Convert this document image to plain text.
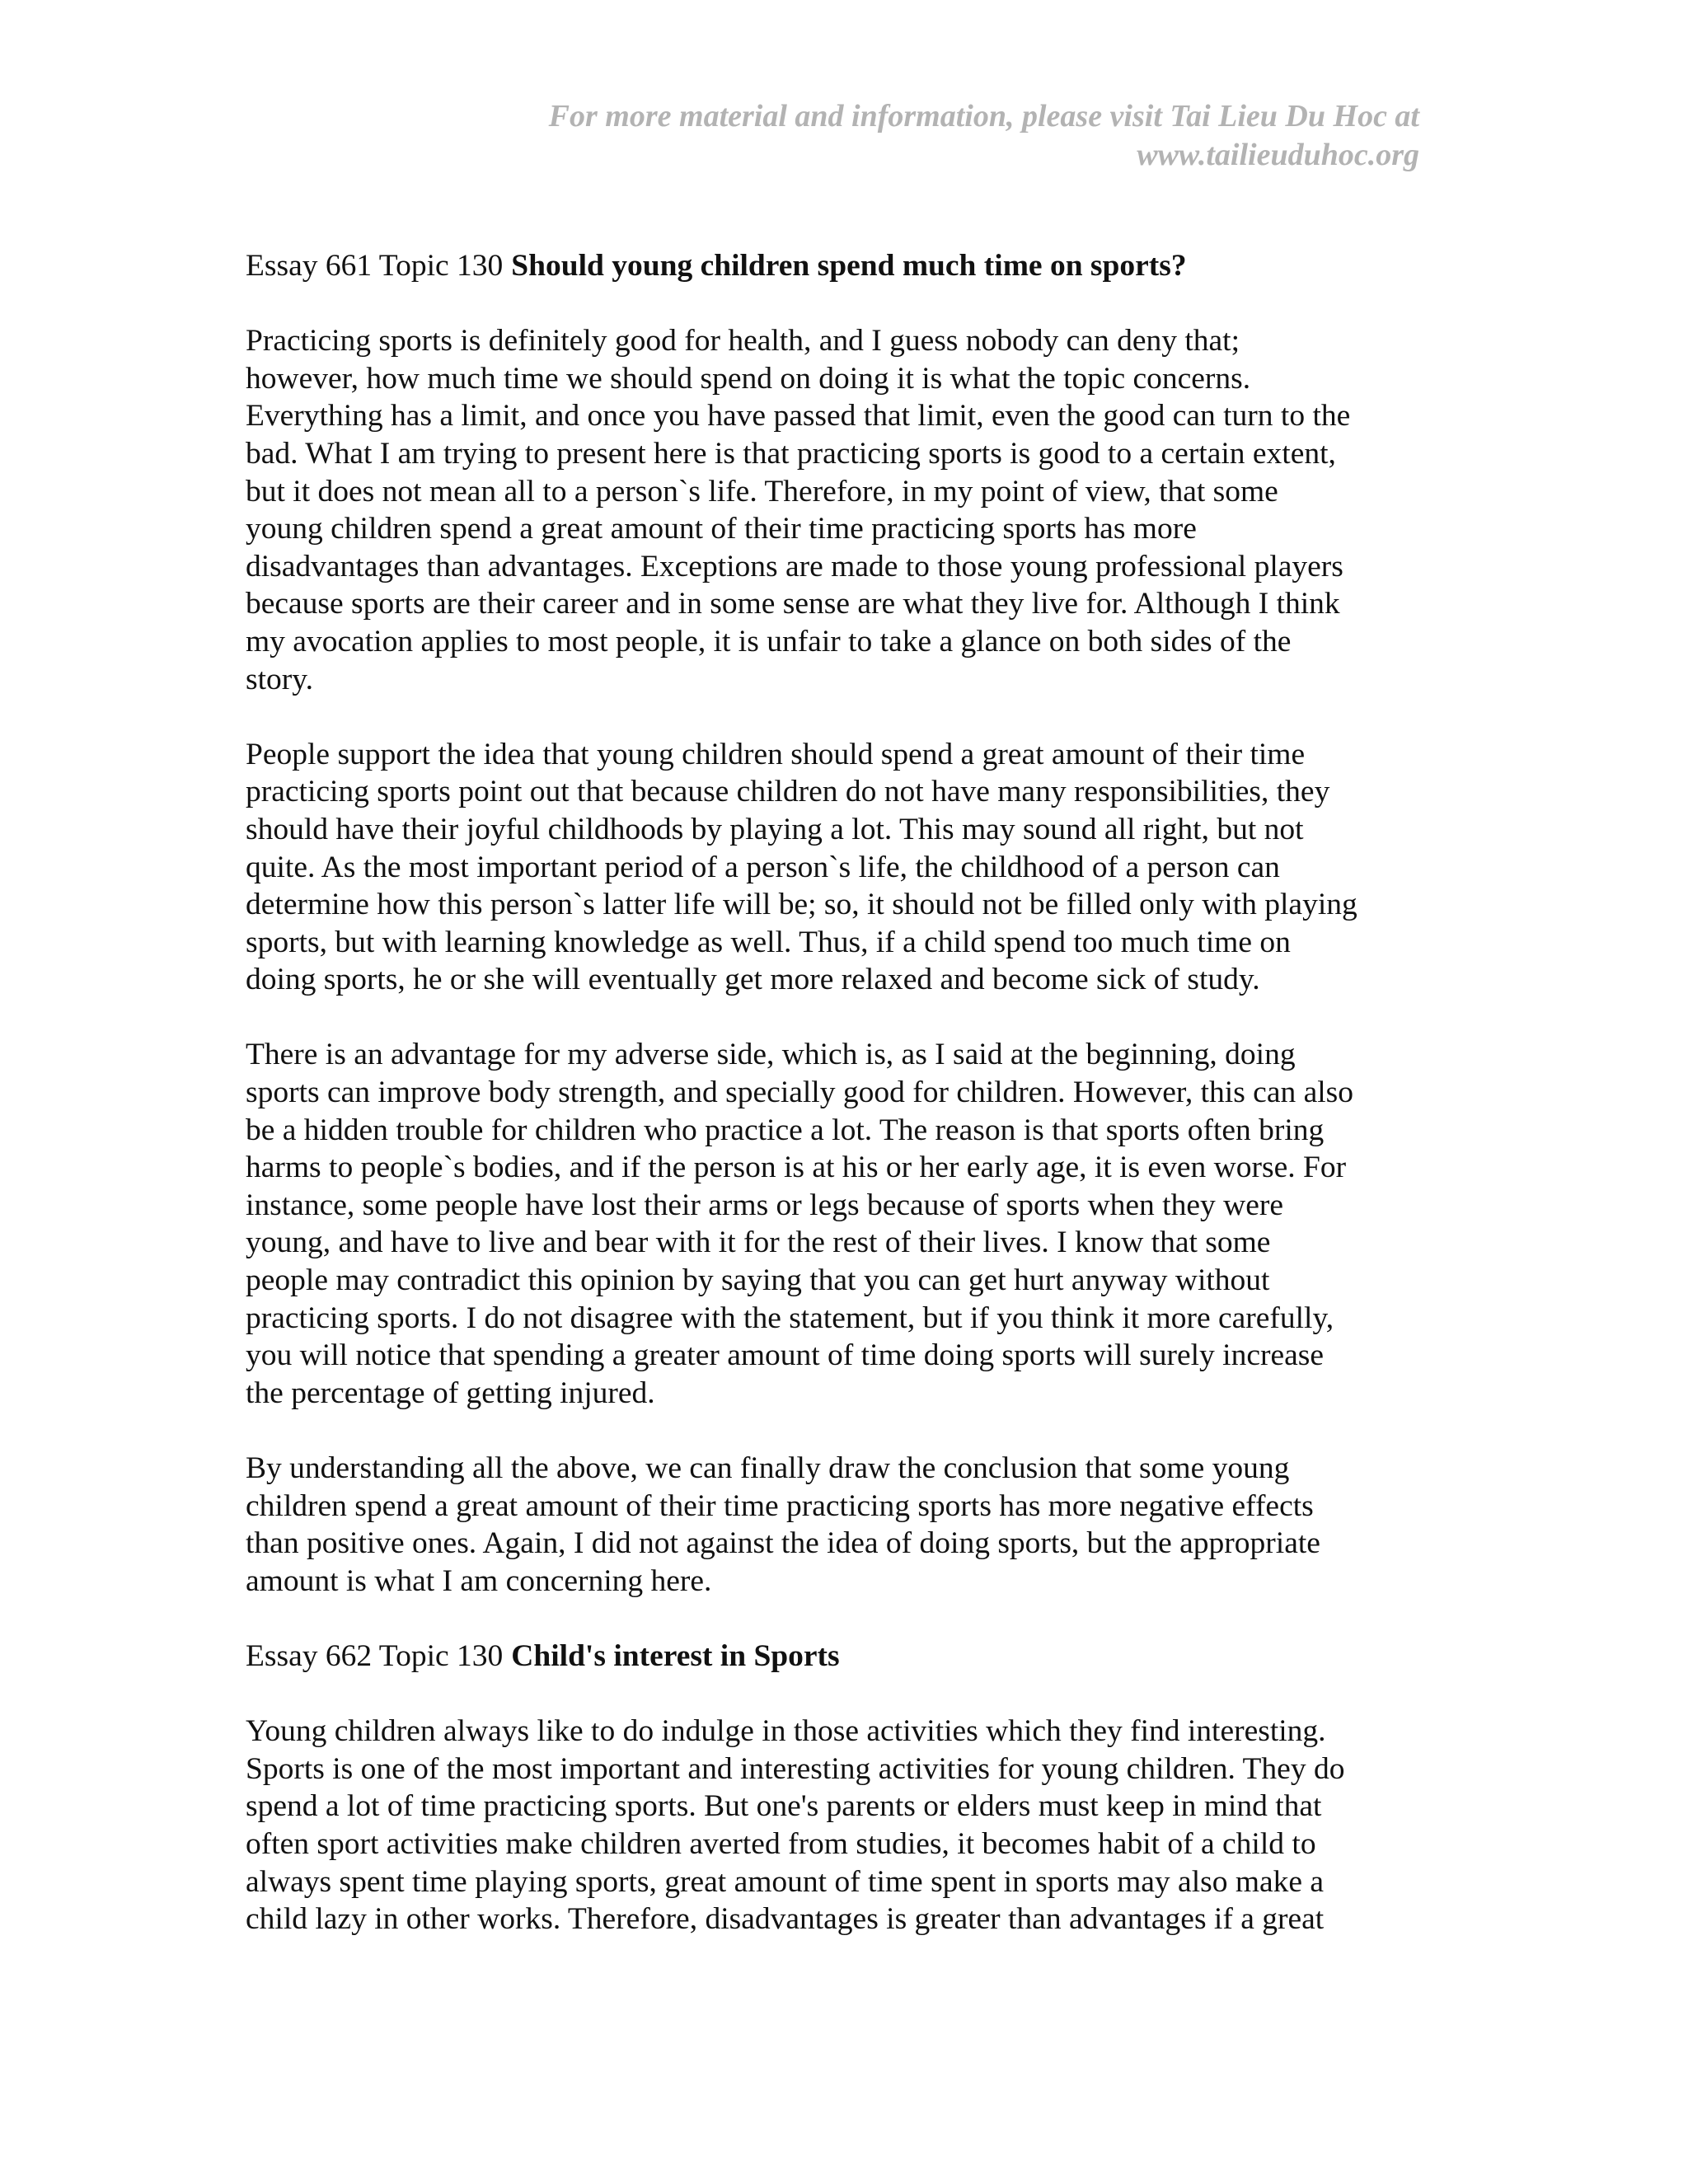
For more material and information, please visit Tai Lieu Du Hoc at
www.tailieuduhoc.org
Essay 661 Topic 130 Should young children spend much time on sports?

Practicing sports is definitely good for health, and I guess nobody can deny that;
however, how much time we should spend on doing it is what the topic concerns.
Everything has a limit, and once you have passed that limit, even the good can turn to the
bad. What I am trying to present here is that practicing sports is good to a certain extent,
but it does not mean all to a person`s life. Therefore, in my point of view, that some
young children spend a great amount of their time practicing sports has more
disadvantages than advantages. Exceptions are made to those young professional players
because sports are their career and in some sense are what they live for. Although I think
my avocation applies to most people, it is unfair to take a glance on both sides of the
story.

People support the idea that young children should spend a great amount of their time
practicing sports point out that because children do not have many responsibilities, they
should have their joyful childhoods by playing a lot. This may sound all right, but not
quite. As the most important period of a person`s life, the childhood of a person can
determine how this person`s latter life will be; so, it should not be filled only with playing
sports, but with learning knowledge as well. Thus, if a child spend too much time on
doing sports, he or she will eventually get more relaxed and become sick of study.

There is an advantage for my adverse side, which is, as I said at the beginning, doing
sports can improve body strength, and specially good for children. However, this can also
be a hidden trouble for children who practice a lot. The reason is that sports often bring
harms to people`s bodies, and if the person is at his or her early age, it is even worse. For
instance, some people have lost their arms or legs because of sports when they were
young, and have to live and bear with it for the rest of their lives. I know that some
people may contradict this opinion by saying that you can get hurt anyway without
practicing sports. I do not disagree with the statement, but if you think it more carefully,
you will notice that spending a greater amount of time doing sports will surely increase
the percentage of getting injured.

By understanding all the above, we can finally draw the conclusion that some young
children spend a great amount of their time practicing sports has more negative effects
than positive ones. Again, I did not against the idea of doing sports, but the appropriate
amount is what I am concerning here.

Essay 662 Topic 130 Child's interest in Sports

Young children always like to do indulge in those activities which they find interesting.
Sports is one of the most important and interesting activities for young children. They do
spend a lot of time practicing sports. But one's parents or elders must keep in mind that
often sport activities make children averted from studies, it becomes habit of a child to
always spent time playing sports, great amount of time spent in sports may also make a
child lazy in other works. Therefore, disadvantages is greater than advantages if a great
